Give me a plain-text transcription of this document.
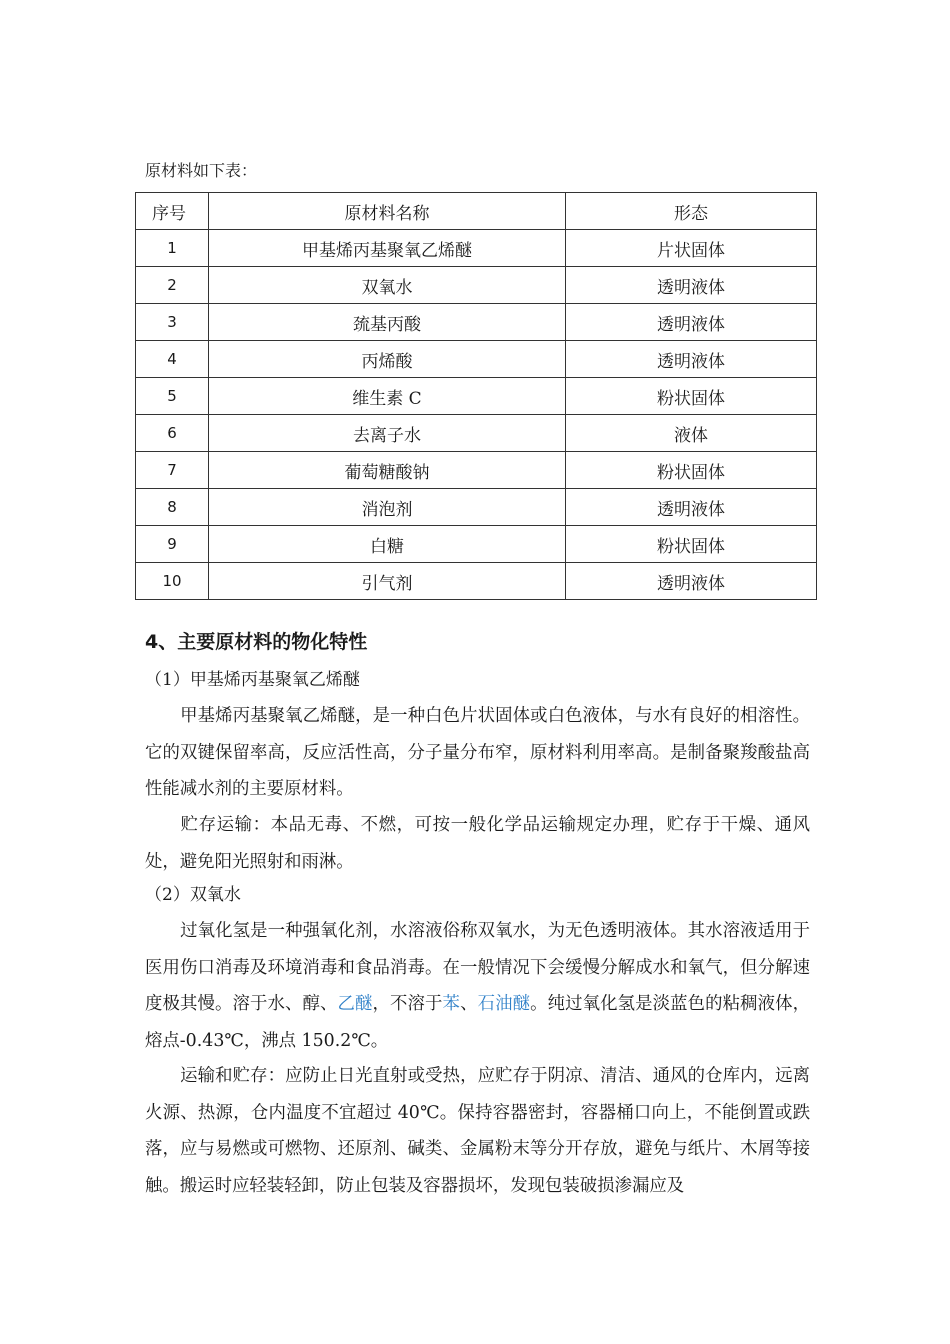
原材料如下表：
序号	原材料名称	形态
1	甲基烯丙基聚氧乙烯醚	片状固体
2	双氧水	透明液体
3	巯基丙酸	透明液体
4	丙烯酸	透明液体
5	维生素 C	粉状固体
6	去离子水	液体
7	葡萄糖酸钠	粉状固体
8	消泡剂	透明液体
9	白糖	粉状固体
10	引气剂	透明液体
4、主要原材料的物化特性
（1）甲基烯丙基聚氧乙烯醚
甲基烯丙基聚氧乙烯醚，是一种白色片状固体或白色液体，与水有良好的相溶性。它的双键保留率高，反应活性高，分子量分布窄，原材料利用率高。是制备聚羧酸盐高性能减水剂的主要原材料。
贮存运输：本品无毒、不燃，可按一般化学品运输规定办理，贮存于干燥、通风处，避免阳光照射和雨淋。
（2）双氧水
过氧化氢是一种强氧化剂，水溶液俗称双氧水，为无色透明液体。其水溶液适用于医用伤口消毒及环境消毒和食品消毒。在一般情况下会缓慢分解成水和氧气，但分解速度极其慢。溶于水、醇、乙醚，不溶于苯、石油醚。纯过氧化氢是淡蓝色的粘稠液体，熔点-0.43℃，沸点 150.2℃。
运输和贮存：应防止日光直射或受热，应贮存于阴凉、清洁、通风的仓库内，远离火源、热源，仓内温度不宜超过 40℃。保持容器密封，容器桶口向上，不能倒置或跌落，应与易燃或可燃物、还原剂、碱类、金属粉末等分开存放，避免与纸片、木屑等接触。搬运时应轻装轻卸，防止包装及容器损坏，发现包装破损渗漏应及
